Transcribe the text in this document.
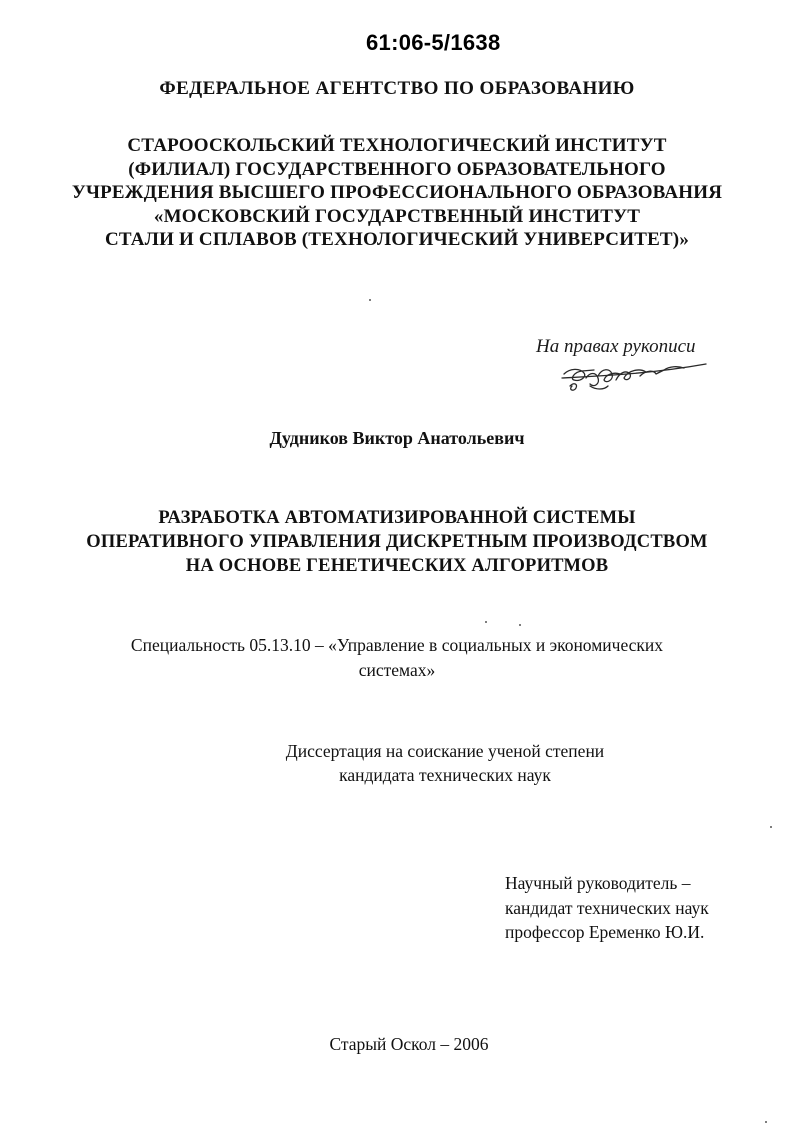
61:06-5/1638
ФЕДЕРАЛЬНОЕ АГЕНТСТВО ПО ОБРАЗОВАНИЮ
СТАРООСКОЛЬСКИЙ ТЕХНОЛОГИЧЕСКИЙ ИНСТИТУТ
(ФИЛИАЛ) ГОСУДАРСТВЕННОГО ОБРАЗОВАТЕЛЬНОГО
УЧРЕЖДЕНИЯ ВЫСШЕГО ПРОФЕССИОНАЛЬНОГО ОБРАЗОВАНИЯ
«МОСКОВСКИЙ ГОСУДАРСТВЕННЫЙ ИНСТИТУТ
СТАЛИ И СПЛАВОВ (ТЕХНОЛОГИЧЕСКИЙ УНИВЕРСИТЕТ)»
На правах рукописи
Дудников Виктор Анатольевич
РАЗРАБОТКА АВТОМАТИЗИРОВАННОЙ СИСТЕМЫ
ОПЕРАТИВНОГО УПРАВЛЕНИЯ ДИСКРЕТНЫМ ПРОИЗВОДСТВОМ
НА ОСНОВЕ ГЕНЕТИЧЕСКИХ АЛГОРИТМОВ
Специальность 05.13.10 – «Управление в социальных и экономических
системах»
Диссертация на соискание ученой степени
кандидата технических наук
Научный руководитель –
кандидат технических наук
профессор Еременко Ю.И.
Старый Оскол – 2006
